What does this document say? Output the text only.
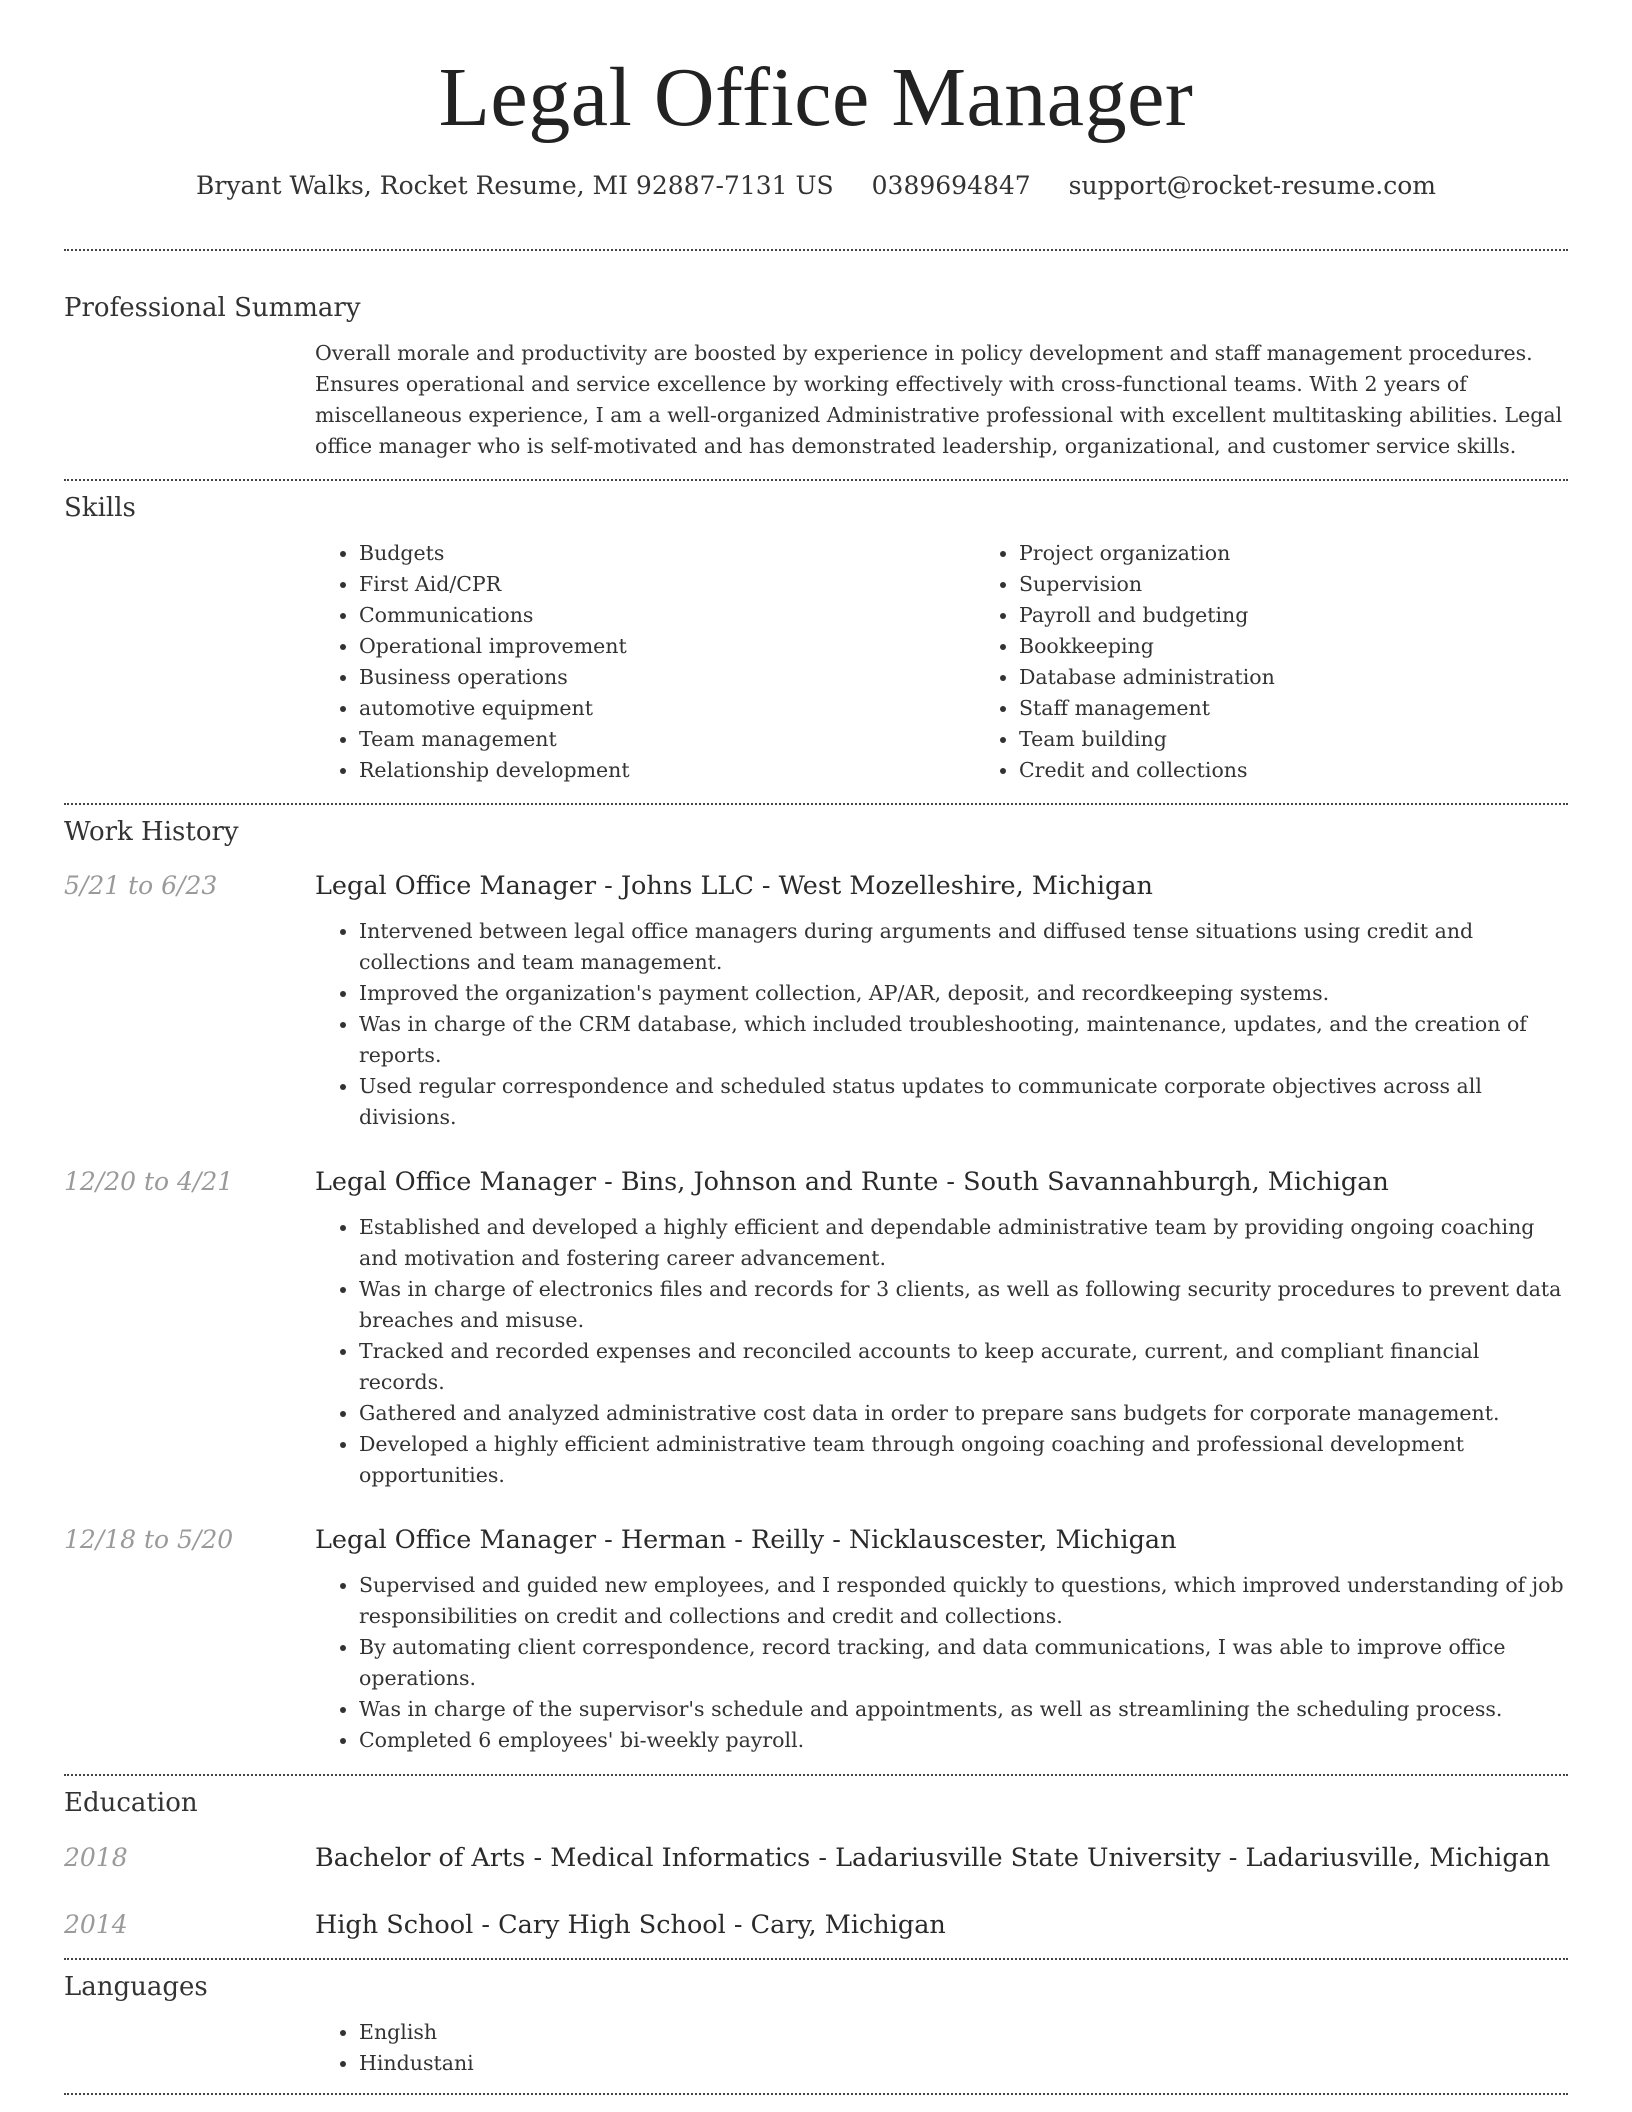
Legal Office Manager
Bryant Walks, Rocket Resume, MI 92887-7131 US 0389694847 support@rocket-resume.com
Professional Summary
Overall morale and productivity are boosted by experience in policy development and staff management procedures. Ensures operational and service excellence by working effectively with cross-functional teams. With 2 years of miscellaneous experience, I am a well-organized Administrative professional with excellent multitasking abilities. Legal office manager who is self-motivated and has demonstrated leadership, organizational, and customer service skills.
Skills
• Budgets
• First Aid/CPR
• Communications
• Operational improvement
• Business operations
• automotive equipment
• Team management
• Relationship development
• Project organization
• Supervision
• Payroll and budgeting
• Bookkeeping
• Database administration
• Staff management
• Team building
• Credit and collections
Work History
5/21 to 6/23	Legal Office Manager - Johns LLC - West Mozelleshire, Michigan
• Intervened between legal office managers during arguments and diffused tense situations using credit and collections and team management.
• Improved the organization's payment collection, AP/AR, deposit, and recordkeeping systems.
• Was in charge of the CRM database, which included troubleshooting, maintenance, updates, and the creation of reports.
• Used regular correspondence and scheduled status updates to communicate corporate objectives across all divisions.
12/20 to 4/21	Legal Office Manager - Bins, Johnson and Runte - South Savannahburgh, Michigan
• Established and developed a highly efficient and dependable administrative team by providing ongoing coaching and motivation and fostering career advancement.
• Was in charge of electronics files and records for 3 clients, as well as following security procedures to prevent data breaches and misuse.
• Tracked and recorded expenses and reconciled accounts to keep accurate, current, and compliant financial records.
• Gathered and analyzed administrative cost data in order to prepare sans budgets for corporate management.
• Developed a highly efficient administrative team through ongoing coaching and professional development opportunities.
12/18 to 5/20	Legal Office Manager - Herman - Reilly - Nicklauscester, Michigan
• Supervised and guided new employees, and I responded quickly to questions, which improved understanding of job responsibilities on credit and collections and credit and collections.
• By automating client correspondence, record tracking, and data communications, I was able to improve office operations.
• Was in charge of the supervisor's schedule and appointments, as well as streamlining the scheduling process.
• Completed 6 employees' bi-weekly payroll.
Education
2018	Bachelor of Arts - Medical Informatics - Ladariusville State University - Ladariusville, Michigan
2014	High School - Cary High School - Cary, Michigan
Languages
• English
• Hindustani
